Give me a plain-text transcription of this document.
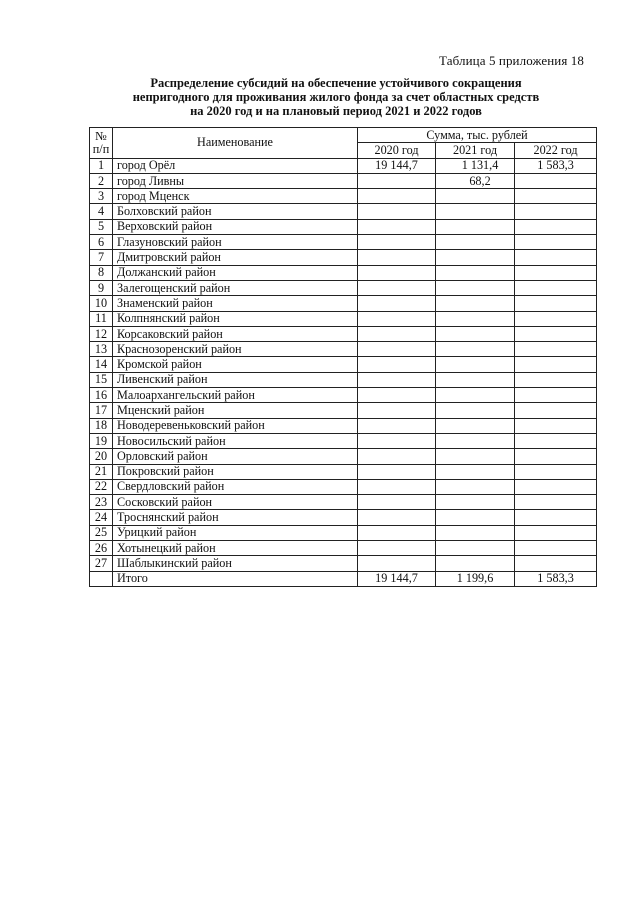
Таблица 5 приложения 18
Распределение субсидий на обеспечение устойчивого сокращения
непригодного для проживания жилого фонда за счет областных средств
на 2020 год и на плановый период 2021 и 2022 годов
№
п/п	Наименование	Сумма, тыс. рублей		
		2020 год	2021 год	2022 год
1	город Орёл	19 144,7	1 131,4	1 583,3
2	город Ливны		68,2	
3	город Мценск			
4	Болховский район			
5	Верховский район			
6	Глазуновский район			
7	Дмитровский район			
8	Должанский район			
9	Залегощенский район			
10	Знаменский район			
11	Колпнянский район			
12	Корсаковский район			
13	Краснозоренский район			
14	Кромской район			
15	Ливенский район			
16	Малоархангельский район			
17	Мценский район			
18	Новодеревеньковский район			
19	Новосильский район			
20	Орловский район			
21	Покровский район			
22	Свердловский район			
23	Сосковский район			
24	Троснянский район			
25	Урицкий район			
26	Хотынецкий район			
27	Шаблыкинский район			
	Итого	19 144,7	1 199,6	1 583,3
